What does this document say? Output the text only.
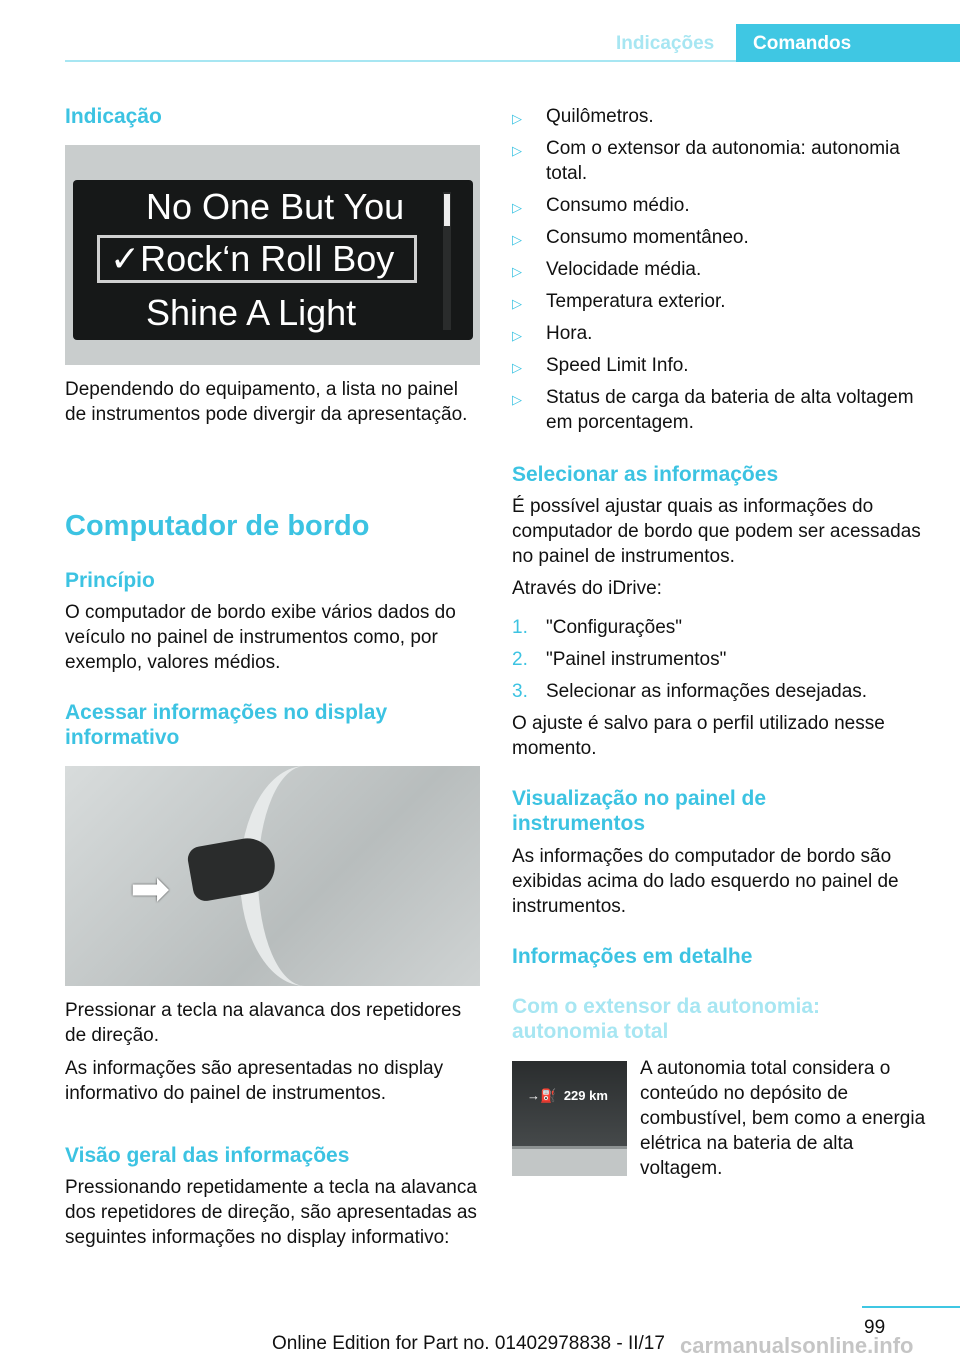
Indicações	Comandos
Indicação
No One But You
✓Rock‘n Roll Boy
Shine A Light
Dependendo do equipamento, a lista no painel de instrumentos pode divergir da apresentação.
Computador de bordo
Princípio
O computador de bordo exibe vários dados do veículo no painel de instrumentos como, por exemplo, valores médios.
Acessar informações no display informativo
➡
Pressionar a tecla na alavanca dos repetidores de direção.
As informações são apresentadas no display informativo do painel de instrumentos.
Visão geral das informações
Pressionando repetidamente a tecla na alavanca dos repetidores de direção, são apresentadas as seguintes informações no display informativo:
▷ Quilômetros.
▷ Com o extensor da autonomia: autonomia total.
▷ Consumo médio.
▷ Consumo momentâneo.
▷ Velocidade média.
▷ Temperatura exterior.
▷ Hora.
▷ Speed Limit Info.
▷ Status de carga da bateria de alta voltagem em porcentagem.
Selecionar as informações
É possível ajustar quais as informações do computador de bordo que podem ser acessadas no painel de instrumentos.
Através do iDrive:
1. "Configurações"
2. "Painel instrumentos"
3. Selecionar as informações desejadas.
O ajuste é salvo para o perfil utilizado nesse momento.
Visualização no painel de instrumentos
As informações do computador de bordo são exibidas acima do lado esquerdo no painel de instrumentos.
Informações em detalhe
Com o extensor da autonomia: autonomia total
→⛽ 229 km
A autonomia total considera o conteúdo no depósito de combustível, bem como a energia elétrica na bateria de alta voltagem.
99
Online Edition for Part no. 01402978838 - II/17 carmanualsonline.info
